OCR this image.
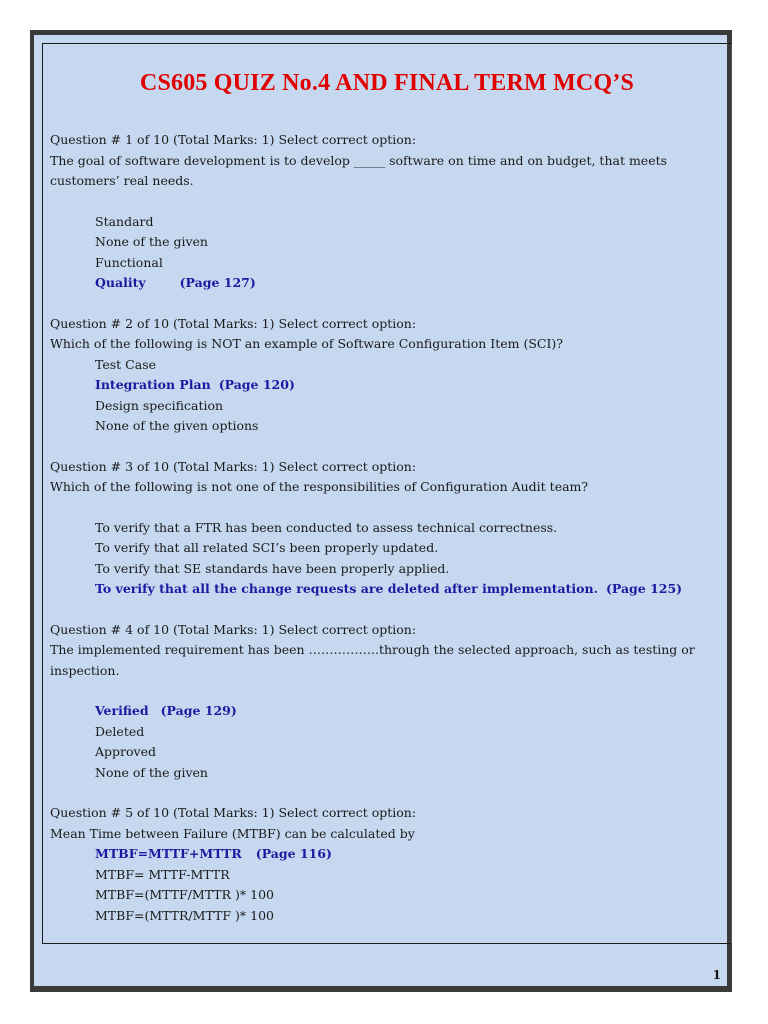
CS605 QUIZ No.4 AND FINAL TERM MCQ’S

Question # 1 of 10 (Total Marks: 1) Select correct option:

The goal of software development is to develop _____ software on time and on budget, that meets customers’ real needs.

Standard
None of the given
Functional
Quality	(Page 127)

Question # 2 of 10 (Total Marks: 1) Select correct option:

Which of the following is NOT an example of Software Configuration Item (SCI)?

Test Case
Integration Plan (Page 120)
Design specification
None of the given options

Question # 3 of 10 (Total Marks: 1) Select correct option:

Which of the following is not one of the responsibilities of Configuration Audit team?

To verify that a FTR has been conducted to assess technical correctness.
To verify that all related SCI’s been properly updated.
To verify that SE standards have been properly applied.
To verify that all the change requests are deleted after implementation. (Page 125)

Question # 4 of 10 (Total Marks: 1) Select correct option:

The implemented requirement has been ……………..through the selected approach, such as testing or inspection.

Verified (Page 129)
Deleted
Approved
None of the given

Question # 5 of 10 (Total Marks: 1) Select correct option:

Mean Time between Failure (MTBF) can be calculated by

MTBF=MTTF+MTTR (Page 116)
MTBF= MTTF-MTTR
MTBF=(MTTF/MTTR )* 100
MTBF=(MTTR/MTTF )* 100
1
